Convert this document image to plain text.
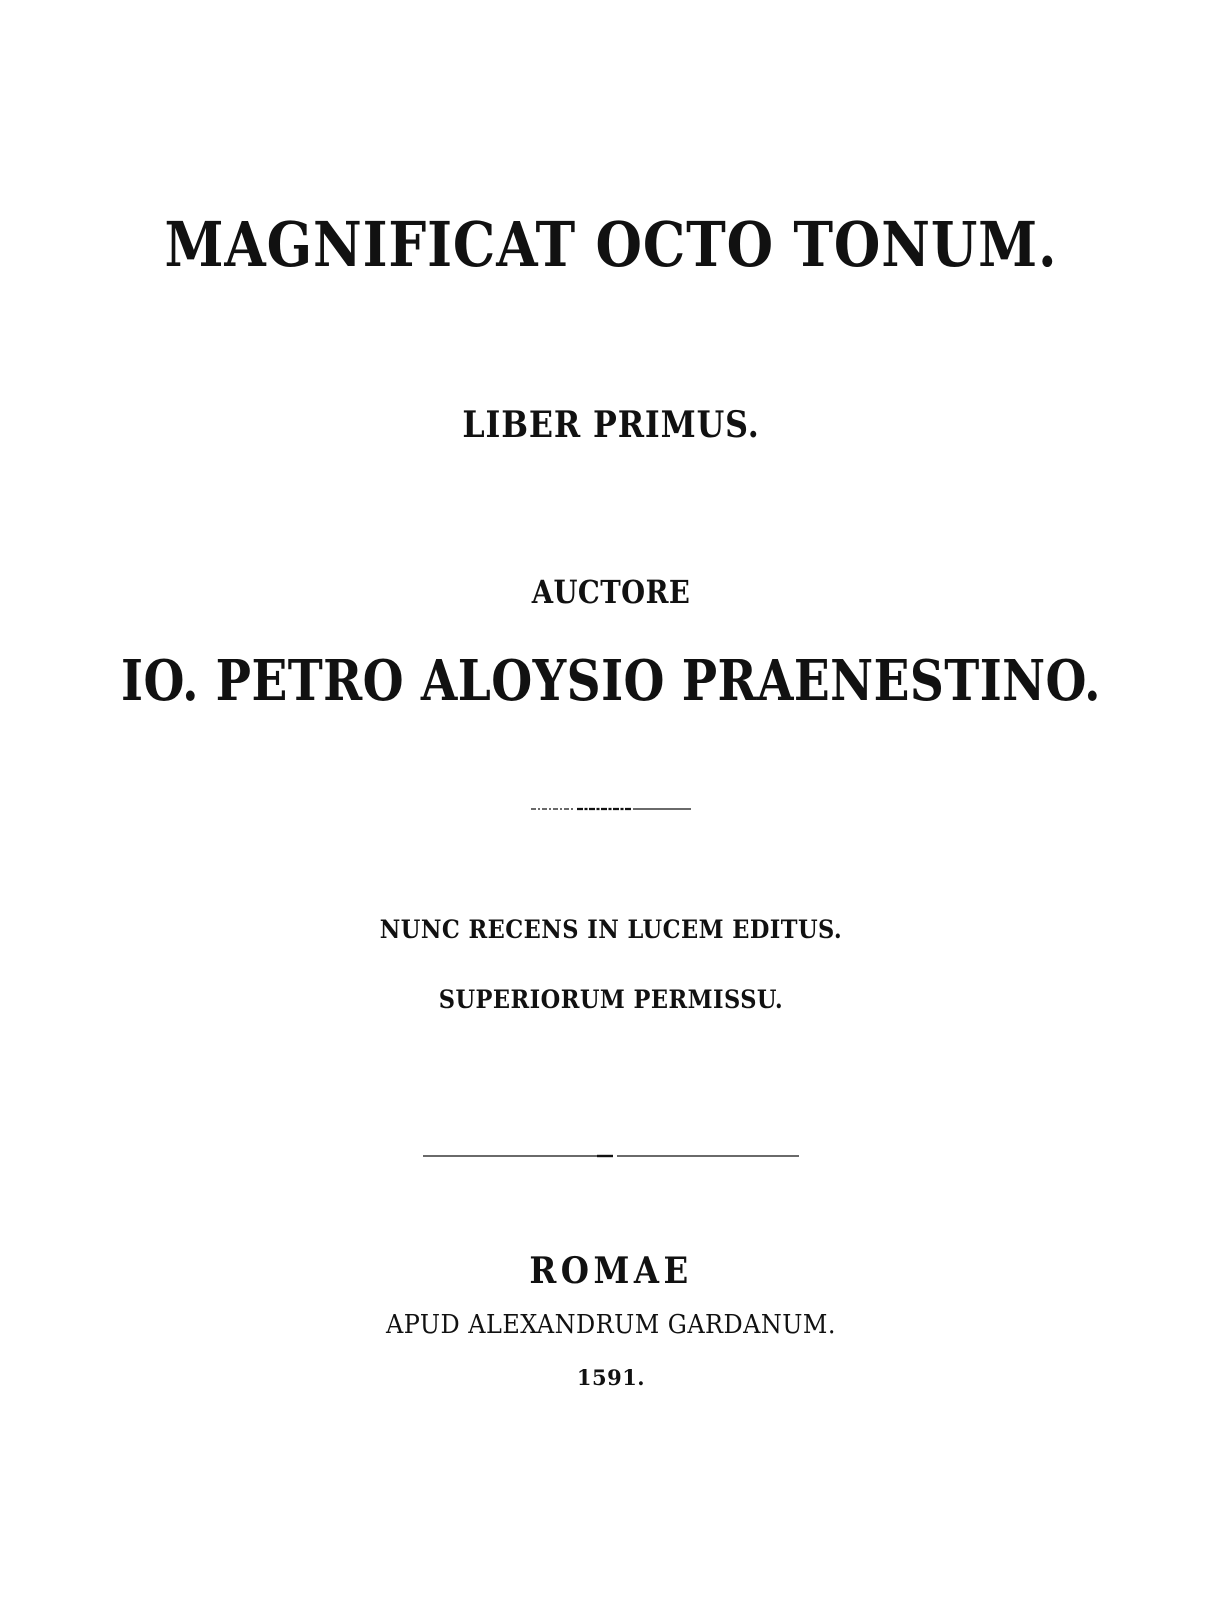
MAGNIFICAT OCTO TONUM.
LIBER PRIMUS.
AUCTORE
IO. PETRO ALOYSIO PRAENESTINO.
NUNC RECENS IN LUCEM EDITUS.
SUPERIORUM PERMISSU.
ROMAE
APUD ALEXANDRUM GARDANUM.
1591.
